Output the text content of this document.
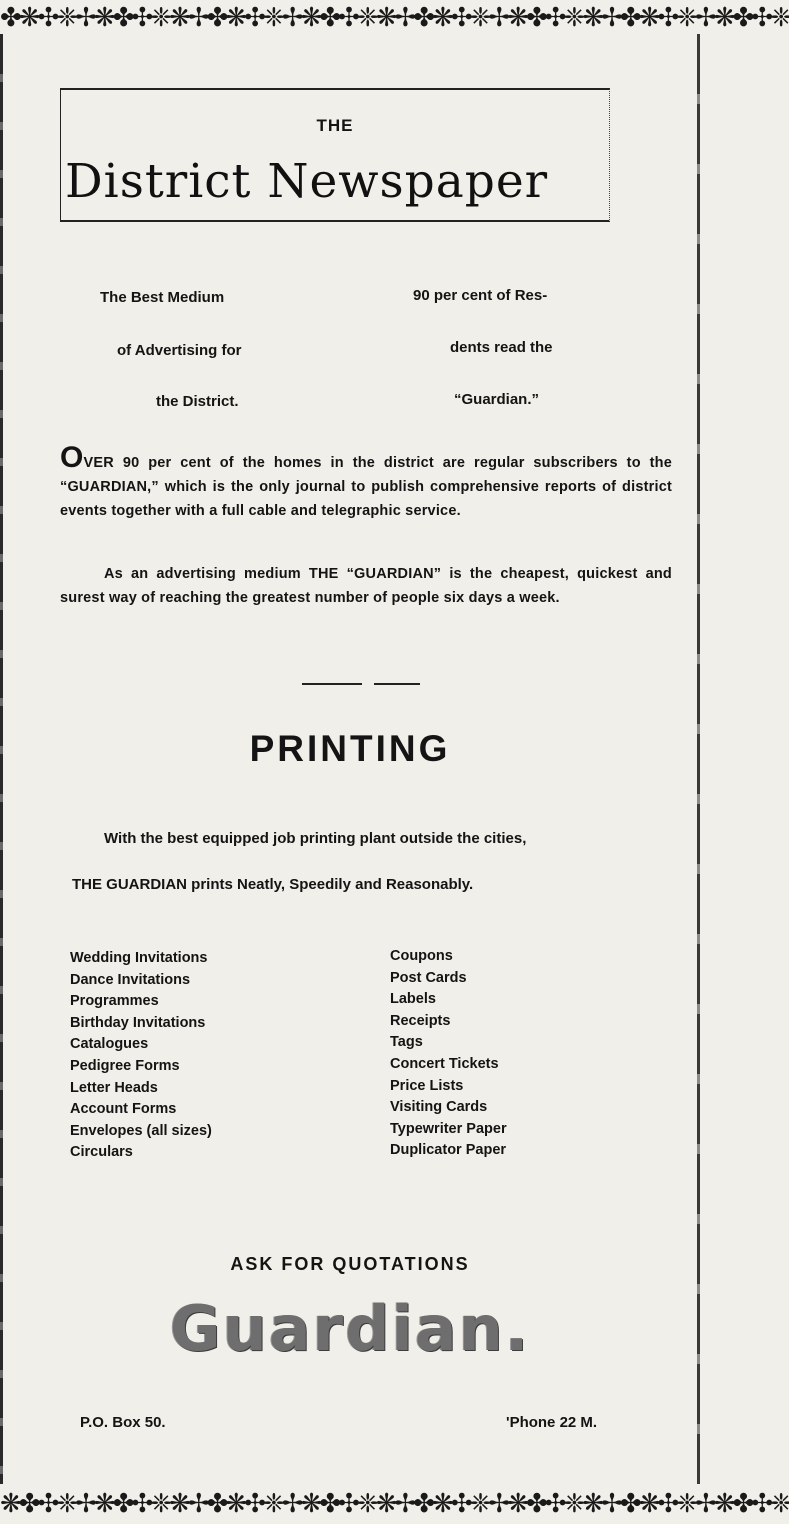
✤❋✣❈✢❋✤✣❈❋✢✤❋✣❈✢❋✤✣❈❋✢✤❋✣❈✢❋✤✣❈❋✢✤❋✣❈✢❋✤✣❈
THE
District Newspaper
The Best Medium
of Advertising for
the District.
90 per cent of Res-
dents read the
“Guardian.”
OVER 90 per cent of the homes in the district are regular subscribers to the “GUARDIAN,” which is the only journal to publish comprehensive reports of district events together with a full cable and telegraphic service.
As an advertising medium THE “GUARDIAN” is the cheapest, quickest and surest way of reaching the greatest number of people six days a week.
PRINTING
With the best equipped job printing plant outside the cities,
THE GUARDIAN prints Neatly, Speedily and Reasonably.
Wedding Invitations
Dance Invitations
Programmes
Birthday Invitations
Catalogues
Pedigree Forms
Letter Heads
Account Forms
Envelopes (all sizes)
Circulars
Coupons
Post Cards
Labels
Receipts
Tags
Concert Tickets
Price Lists
Visiting Cards
Typewriter Paper
Duplicator Paper
ASK FOR QUOTATIONS
Guardian.
P.O. Box 50.	'Phone 22 M.
❋✤✣❈✢❋✤✣❈❋✢✤❋✣❈✢❋✤✣❈❋✢✤❋✣❈✢❋✤✣❈❋✢✤❋✣❈✢❋✤✣❈
